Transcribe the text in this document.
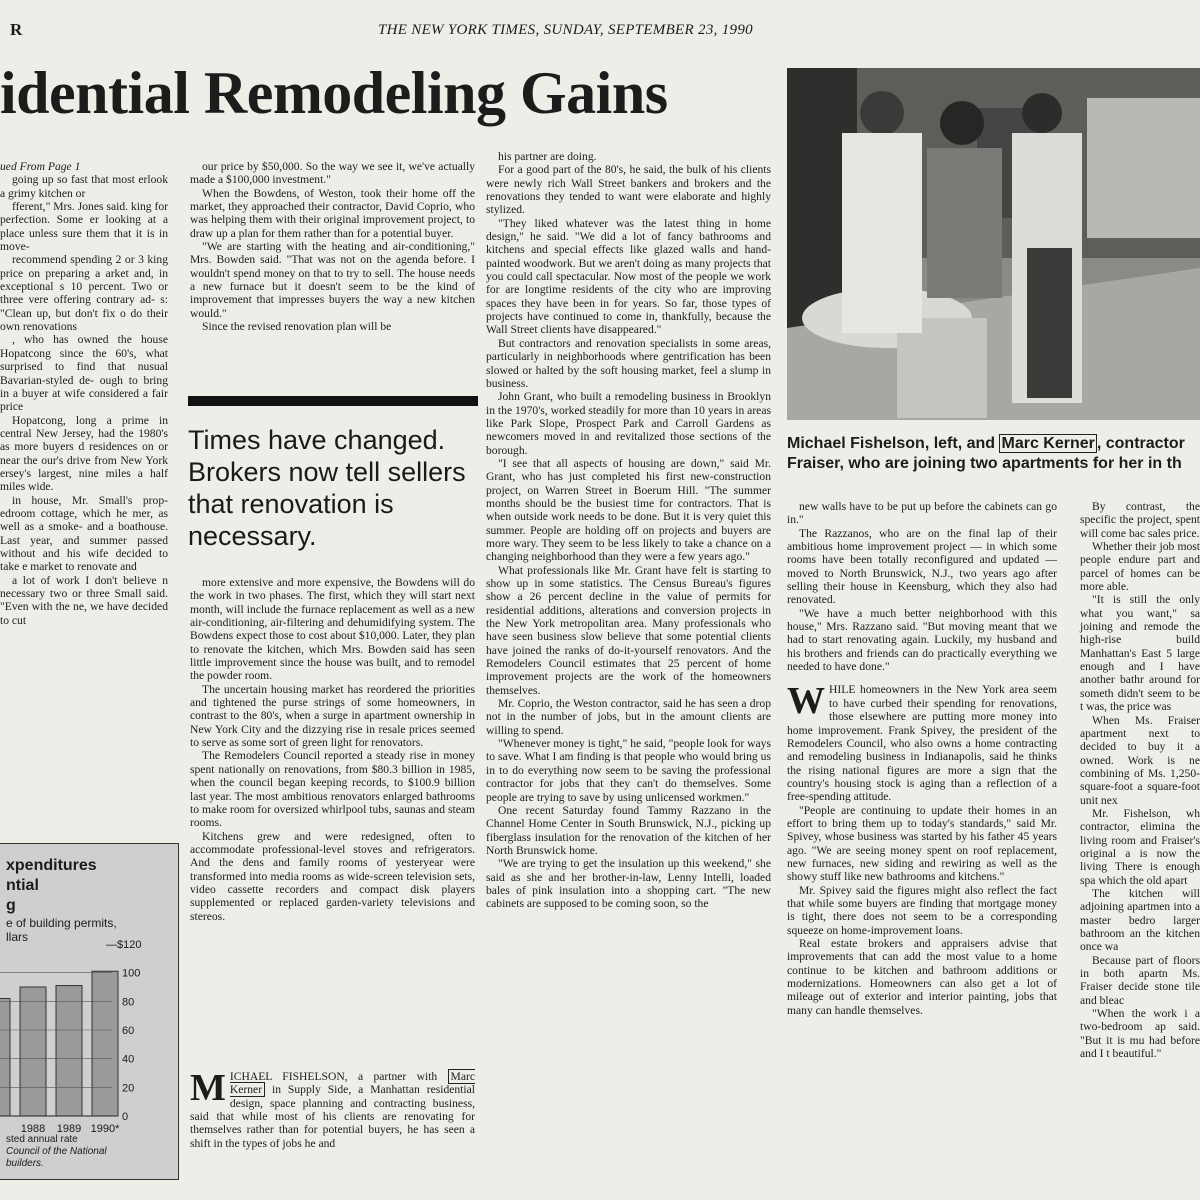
R	THE NEW YORK TIMES, SUNDAY, SEPTEMBER 23, 1990
idential Remodeling Gains

ued From Page 1

going up so fast that most erlook a grimy kitchen or

fferent," Mrs. Jones said. king for perfection. Some er looking at a place unless sure them that it is in move-

recommend spending 2 or 3 king price on preparing a arket and, in exceptional s 10 percent. Two or three vere offering contrary ad- s: "Clean up, but don't fix o do their own renovations

, who has owned the house Hopatcong since the 60's, what surprised to find that nusual Bavarian-styled de- ough to bring in a buyer at wife considered a fair price

Hopatcong, long a prime in central New Jersey, had the 1980's as more buyers d residences on or near the our's drive from New York ersey's largest, nine miles a half miles wide.

in house, Mr. Small's prop- edroom cottage, which he mer, as well as a smoke- and a boathouse. Last year, and summer passed without and his wife decided to take e market to renovate and

a lot of work I don't believe n necessary two or three Small said. "Even with the ne, we have decided to cut

our price by $50,000. So the way we see it, we've actually made a $100,000 investment."

When the Bowdens, of Weston, took their home off the market, they approached their contractor, David Coprio, who was helping them with their original improvement project, to draw up a plan for them rather than for a potential buyer.

"We are starting with the heating and air-conditioning," Mrs. Bowden said. "That was not on the agenda before. I wouldn't spend money on that to try to sell. The house needs a new furnace but it doesn't seem to be the kind of improvement that impresses buyers the way a new kitchen would."

Since the revised renovation plan will be

Times have changed. Brokers now tell sellers that renovation is necessary.

more extensive and more expensive, the Bowdens will do the work in two phases. The first, which they will start next month, will include the furnace replacement as well as a new air-conditioning, air-filtering and dehumidifying system. The Bowdens expect those to cost about $10,000. Later, they plan to renovate the kitchen, which Mrs. Bowden said has seen little improvement since the house was built, and to remodel the powder room.

The uncertain housing market has reordered the priorities and tightened the purse strings of some homeowners, in contrast to the 80's, when a surge in apartment ownership in New York City and the dizzying rise in resale prices seemed to serve as some sort of green light for renovators.

The Remodelers Council reported a steady rise in money spent nationally on renovations, from $80.3 billion in 1985, when the council began keeping records, to $100.9 billion last year. The most ambitious renovators enlarged bathrooms to make room for oversized whirlpool tubs, saunas and steam rooms.

Kitchens grew and were redesigned, often to accommodate professional-level stoves and refrigerators. And the dens and family rooms of yesteryear were transformed into media rooms as wide-screen television sets, video cassette recorders and compact disk players supplemented or replaced garden-variety televisions and stereos.

MICHAEL FISHELSON, a partner with Marc Kerner in Supply Side, a Manhattan residential design, space planning and contracting business, said that while most of his clients are renovating for themselves rather than for potential buyers, he has seen a shift in the types of jobs he and

his partner are doing.

For a good part of the 80's, he said, the bulk of his clients were newly rich Wall Street bankers and brokers and the renovations they tended to want were elaborate and highly stylized.

"They liked whatever was the latest thing in home design," he said. "We did a lot of fancy bathrooms and kitchens and special effects like glazed walls and hand-painted woodwork. But we aren't doing as many projects that you could call spectacular. Now most of the people we work for are longtime residents of the city who are improving spaces they have been in for years. So far, those types of projects have continued to come in, thankfully, because the Wall Street clients have disappeared."

But contractors and renovation specialists in some areas, particularly in neighborhoods where gentrification has been slowed or halted by the soft housing market, feel a slump in business.

John Grant, who built a remodeling business in Brooklyn in the 1970's, worked steadily for more than 10 years in areas like Park Slope, Prospect Park and Carroll Gardens as newcomers moved in and revitalized those sections of the borough.

"I see that all aspects of housing are down," said Mr. Grant, who has just completed his first new-construction project, on Warren Street in Boerum Hill. "The summer months should be the busiest time for contractors. That is when outside work needs to be done. But it is very quiet this summer. People are holding off on projects and buyers are more wary. They seem to be less likely to take a chance on a changing neighborhood than they were a few years ago."

What professionals like Mr. Grant have felt is starting to show up in some statistics. The Census Bureau's figures show a 26 percent decline in the value of permits for residential additions, alterations and conversion projects in the New York metropolitan area. Many professionals who have seen business slow believe that some potential clients have joined the ranks of do-it-yourself renovators. And the Remodelers Council estimates that 25 percent of home improvement projects are the work of the homeowners themselves.

Mr. Coprio, the Weston contractor, said he has seen a drop not in the number of jobs, but in the amount clients are willing to spend.

"Whenever money is tight," he said, "people look for ways to save. What I am finding is that people who would bring us in to do everything now seem to be saving the professional contractor for jobs that they can't do themselves. Some people are trying to save by using unlicensed workmen."

One recent Saturday found Tammy Razzano in the Channel Home Center in South Brunswick, N.J., picking up fiberglass insulation for the renovation of the kitchen of her North Brunswick home.

"We are trying to get the insulation up this weekend," she said as she and her brother-in-law, Lenny Intelli, loaded bales of pink insulation into a shopping cart. "The new cabinets are supposed to be coming soon, so the

Michael Fishelson, left, and Marc Kerner , contractor
Fraiser, who are joining two apartments for her in th

new walls have to be put up before the cabinets can go in."

The Razzanos, who are on the final lap of their ambitious home improvement project — in which some rooms have been totally reconfigured and updated — moved to North Brunswick, N.J., two years ago after selling their house in Keensburg, which they also had renovated.

"We have a much better neighborhood with this house," Mrs. Razzano said. "But moving meant that we had to start renovating again. Luckily, my husband and his brothers and friends can do practically everything we needed to have done."

WHILE homeowners in the New York area seem to have curbed their spending for renovations, those elsewhere are putting more money into home improvement. Frank Spivey, the president of the Remodelers Council, who also owns a home contracting and remodeling business in Indianapolis, said he thinks the rising national figures are more a sign that the country's housing stock is aging than a reflection of a free-spending attitude.

"People are continuing to update their homes in an effort to bring them up to today's standards," said Mr. Spivey, whose business was started by his father 45 years ago. "We are seeing money spent on roof replacement, new furnaces, new siding and rewiring as well as the showy stuff like new bathrooms and kitchens."

Mr. Spivey said the figures might also reflect the fact that while some buyers are finding that mortgage money is tight, there does not seem to be a corresponding squeeze on home-improvement loans.

Real estate brokers and appraisers advise that improvements that can add the most value to a home continue to be kitchen and bathroom additions or modernizations. Homeowners can also get a lot of mileage out of exterior and interior painting, jobs that many can handle themselves.

By contrast, the specific the project, spent will come bac sales price.

Whether their job most people endure part and parcel of homes can be more able.

"It is still the only what you want," sa joining and remode the high-rise build Manhattan's East 5 large enough and I have another bathr around for someth didn't seem to be t was, the price was

When Ms. Fraiser apartment next to decided to buy it a owned. Work is ne combining of Ms. 1,250-square-foot a square-foot unit nex

Mr. Fishelson, wh contractor, elimina the living room and Fraiser's original a is now the living There is enough spa which the old apart

The kitchen will adjoining apartmen into a master bedro larger bathroom an the kitchen once wa

Because part of floors in both apartn Ms. Fraiser decide stone tile and bleac

"When the work i a two-bedroom ap said. "But it is mu had before and I t beautiful."

xpenditures
ntial
g
e of building permits,
llars
0
20
40
60
80
100
—$120
1988 1989 1990*
sted annual rate
Council of the National
builders.
